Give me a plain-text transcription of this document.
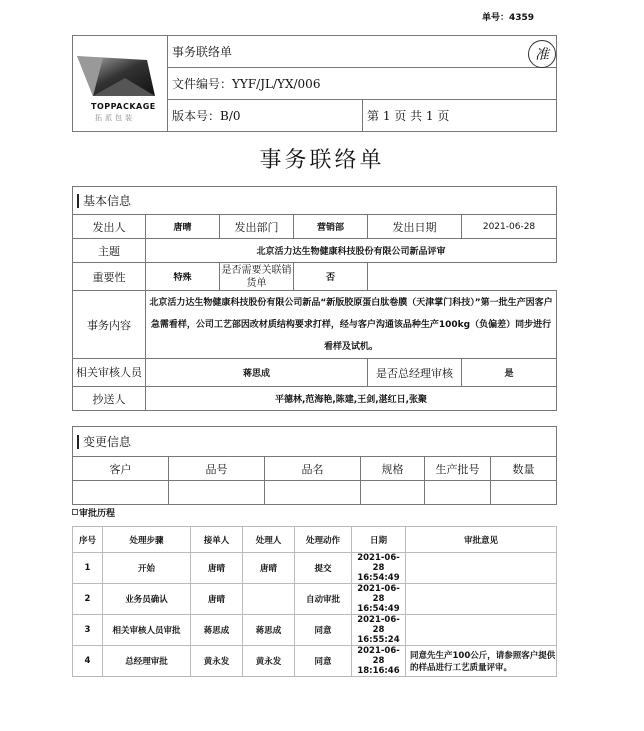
单号：4359
TOPPACKAGE
拓派包装	事务联络单	
	文件编号：YYF/JL/YX/006	
	版本号：B/0	第 1 页 共 1 页
准
事务联络单
基本信息					
发出人	唐晴	发出部门	营销部	发出日期	2021-06-28
主题	北京活力达生物健康科技股份有限公司新品评审				
重要性	特殊	是否需要关联销货单	否		
事务内容	北京活力达生物健康科技股份有限公司新品“新版胶原蛋白肽卷膜（天津掌门科技）”第一批生产因客户急需看样，公司工艺部因改材质结构要求打样，经与客户沟通该品种生产100kg（负偏差）同步进行看样及试机。				
相关审核人员	蒋思成			是否总经理审核	是
抄送人	平德林,范海艳,陈建,王剑,湛红日,张聚				
变更信息					
客户	品号	品名	规格	生产批号	数量

审批历程
序号	处理步骤	接单人	处理人	处理动作	日期	审批意见
1	开始	唐晴	唐晴	提交	2021-06-28
16:54:49	

2	业务员确认	唐晴		自动审批	2021-06-28
16:54:49	

3	相关审核人员审批	蒋思成	蒋思成	同意	2021-06-28
16:55:24	

4	总经理审批	黄永发	黄永发	同意	2021-06-28
18:16:46	同意先生产100公斤，请参照客户提供的样品进行工艺质量评审。
